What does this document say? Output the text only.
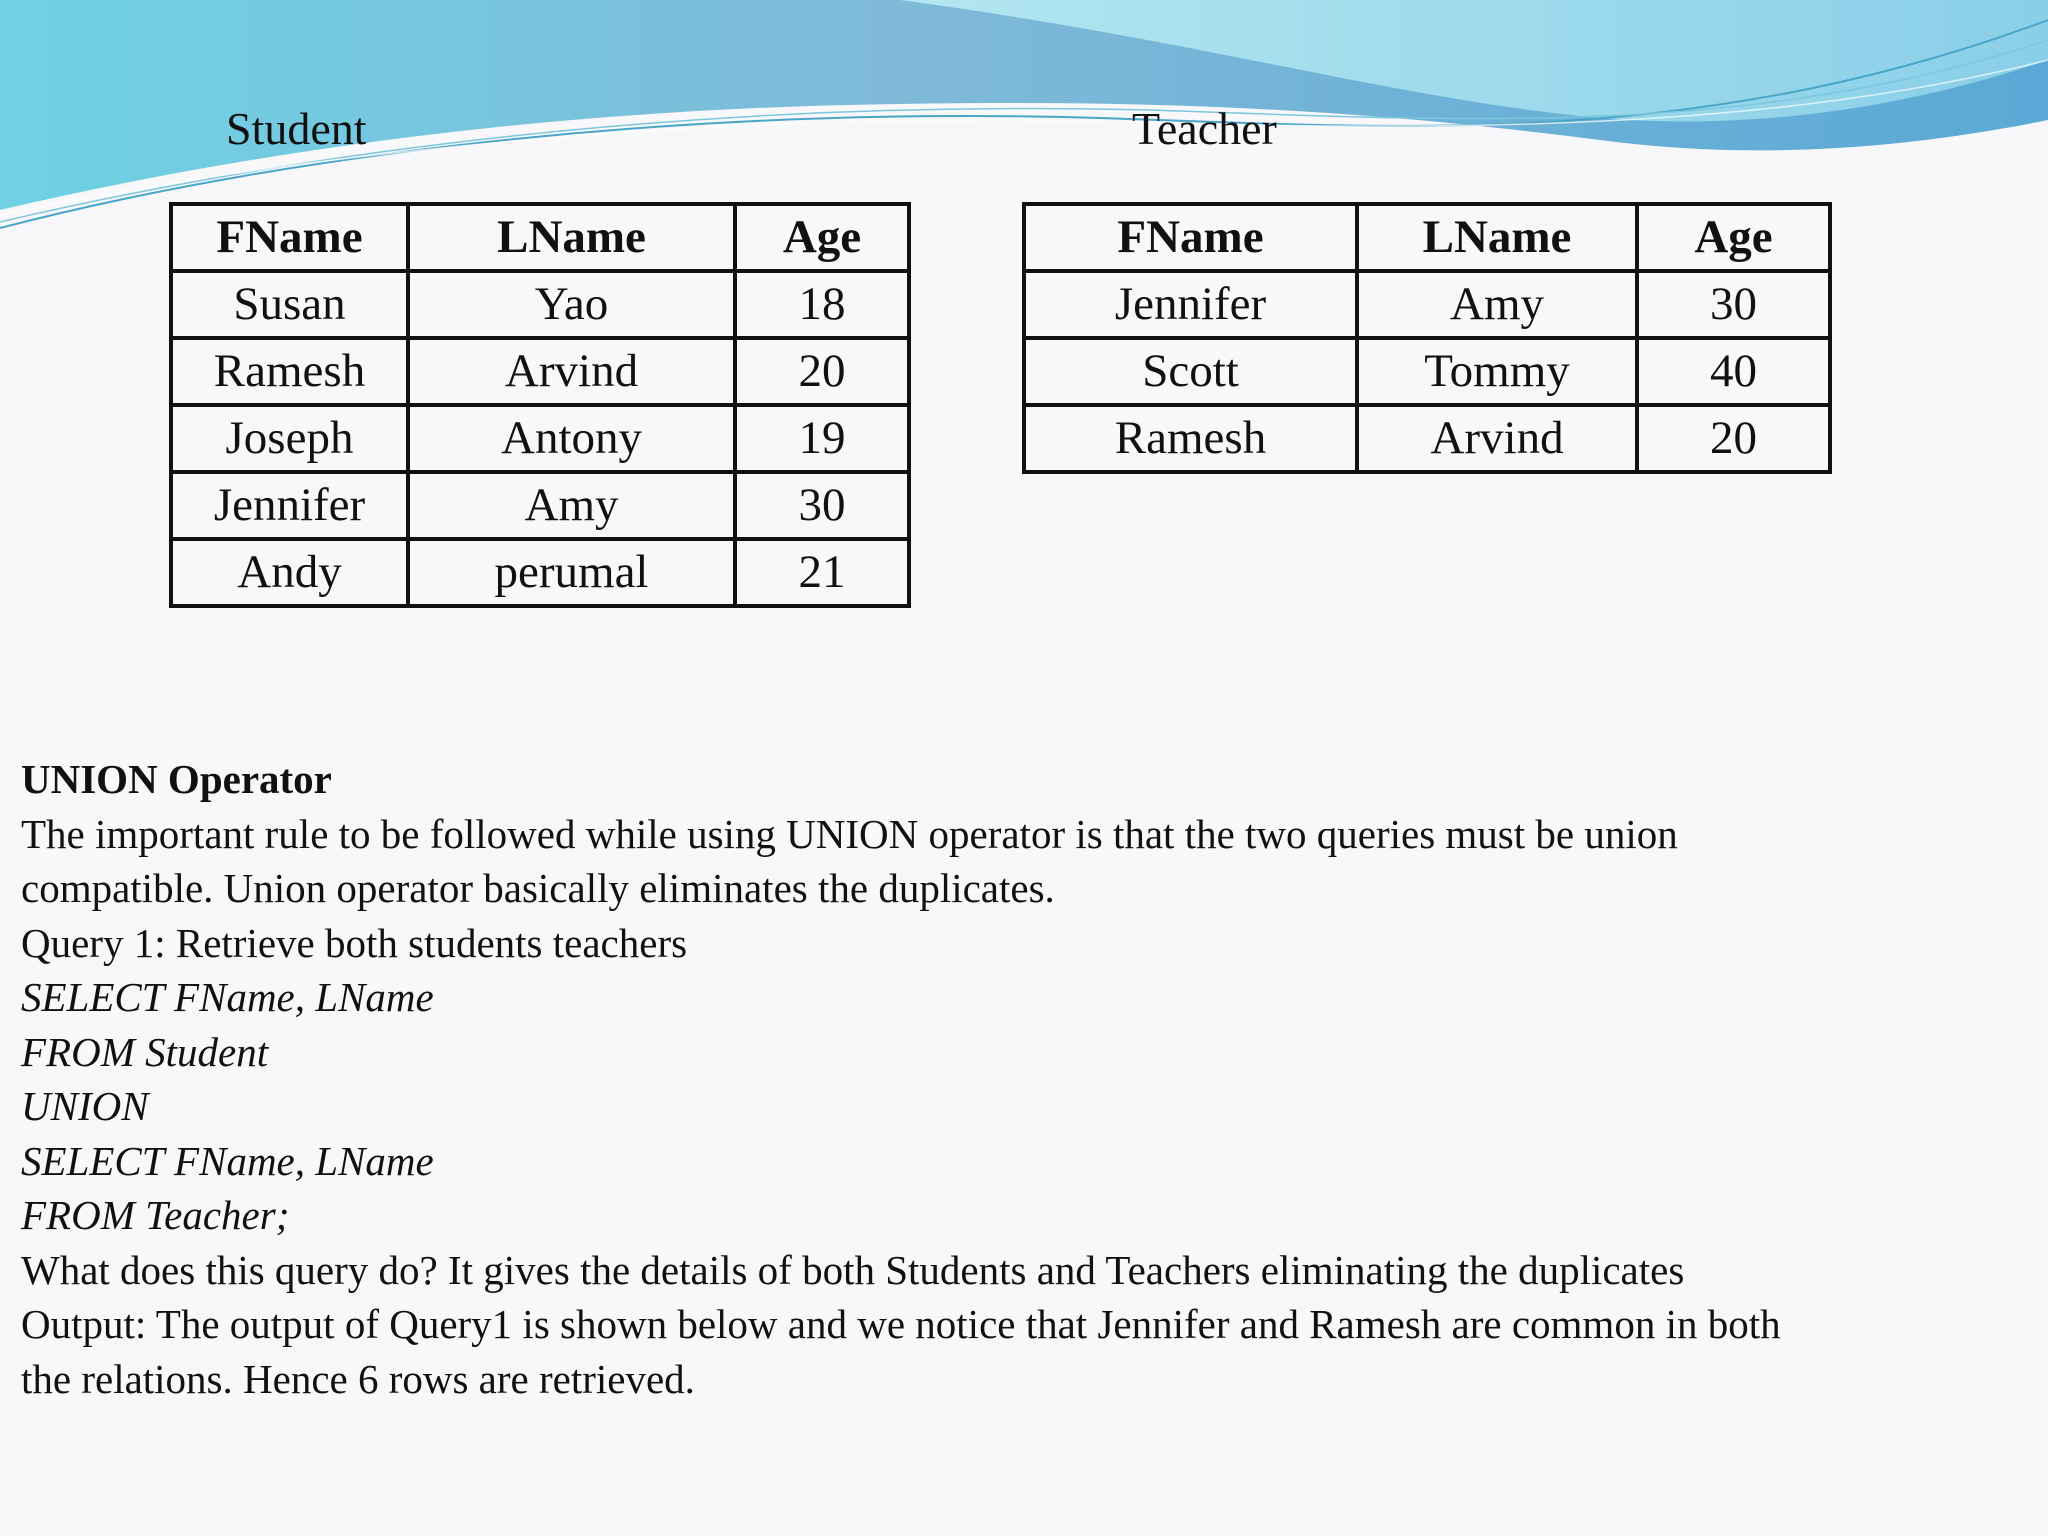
Student	Teacher
FName	LName	Age
Susan	Yao	18
Ramesh	Arvind	20
Joseph	Antony	19
Jennifer	Amy	30
Andy	perumal	21
FName	LName	Age
Jennifer	Amy	30
Scott	Tommy	40
Ramesh	Arvind	20
UNION Operator
The important rule to be followed while using UNION operator is that the two queries must be union
compatible. Union operator basically eliminates the duplicates.
Query 1: Retrieve both students teachers
SELECT FName, LName
FROM Student
UNION
SELECT FName, LName
FROM Teacher;
What does this query do? It gives the details of both Students and Teachers eliminating the duplicates
Output: The output of Query1 is shown below and we notice that Jennifer and Ramesh are common in both
the relations. Hence 6 rows are retrieved.
